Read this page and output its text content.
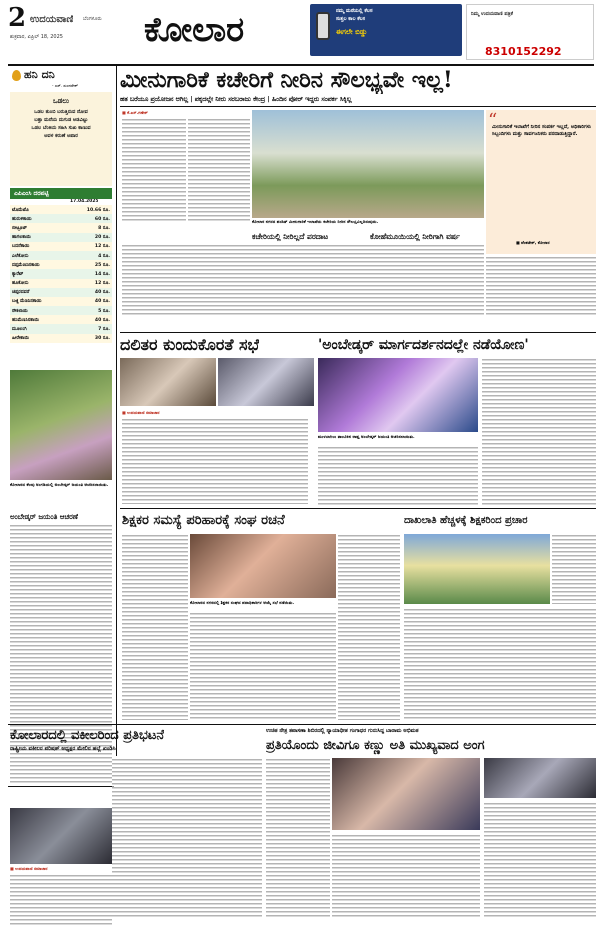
2 ಉದಯವಾಣಿ ಬೆಂಗಳೂರು
ಶುಕ್ರವಾರ, ಏಪ್ರಿಲ್ 18, 2025 ಕೋಲಾರ	ನಮ್ಮ ಮನೆಯಲ್ಲಿ ಕೆಲಸ
ಸುತ್ತಲ ಕಾಲ ಕೆಲಸ
ಈಗಲೇ ಬಿಡ್ಡು
ನಿಮ್ಮ ಉದಯವಾಣಿ ಪತ್ರಿಕೆ
8310152292
ಹನಿ ದನಿ
- ಎಸ್. ಸುಂದರೇಶ್
ಒಡಲು
ಒಡಲ ತುಂಬಿ ಬರುತ್ತಿರುವ ನೋವ ಬತ್ತಾ ಮನೆಯ ದುಗುಡ ಅಡವಿಟ್ಟು ಒಡಲ ಬೆಂಕಿಯ ಸಹಿಸಿ ಸುಖ ಕಾಣುವ ಅವಳ ಕರುಣೆ ಅಪಾರ
ಎಪಿಎಂಸಿ ದರಪಟ್ಟಿ
17.04.2025
ಟೊಮೆಟೊ	10.66 ರೂ.
ಹುರುಳಿಕಾಯಿ	60 ರೂ.
ಬೀಟ್ರೂಟ್	8 ರೂ.
ಹಾಗಲಕಾಯಿ	20 ರೂ.
ಬದನೆಕಾಯಿ	12 ರೂ.
ಎಲೆಕೋಸು	4 ರೂ.
ದಪ್ಪಮೆಣಸಿನಕಾಯಿ	25 ರೂ.
ಕ್ಯಾರೆಟ್	14 ರೂ.
ಹೂಕೋಸು	12 ರೂ.
ಚಪ್ಪರದವರೆ	40 ರೂ.
ಬಜ್ಜಿ ಮೆಣಸಿನಕಾಯಿ	40 ರೂ.
ನೌಕಲಾಯಿ	5 ರೂ.
ಹಸಿಮೆಣಸಿನಕಾಯಿ	40 ರೂ.
ಮೂಲಂಗಿ	7 ರೂ.
ಹೀರೇಕಾಯಿ	30 ರೂ.
ಕೋಲಾರದ ಕೆಲವು ಅಂಗಡಿಯಲ್ಲಿ ಅಂಬೇಡ್ಕರ್ ಜಯಂತಿ ಆಚರಿಸಲಾಯಿತು.
ಅಂಬೇಡ್ಕರ್ ಜಯಂತಿ ಆಚರಣೆ
■ ಉದಯವಾಣಿ ಸಮಾಚಾರ
ಮೀನುಗಾರಿಕೆ ಕಚೇರಿಗೆ ನೀರಿನ ಸೌಲಭ್ಯವೇ ಇಲ್ಲ!
ಹತ ಬರೆಯೂ ಪ್ರಯೋಜನ ಆಗಿಲ್ಲ | ಪಕ್ಕದಲ್ಲೇ ನೀರು ಸರಬರಾಜು ಕೇಂದ್ರ | ಹಿಂದಿನ ಪೋರ್ ಇದ್ದರು ಸಂಪರ್ಕ ಸಿಕ್ಕಿಲ್ಲ
■ ಕೆ.ಎಸ್.ಗಣೇಶ್
ಕೋಲಾರ ನಗರದ ಪಂಡಿತ್ ಮೀನುಗಾರಿಕೆ ಇಲಾಖೆಯ ಕಚೇರಿಯ ನೀರಿನ ಸೌಲಭ್ಯವಿಲ್ಲದಿರುವುದು.
ಕಚೇರಿಯಲ್ಲಿ ನೀರಿಲ್ಲದೆ ಪರದಾಟ	ಕೋಹೆಮೂಯಿಯಲ್ಲಿ ನೀರಿಗಾಗಿ ವರ್ಷ
“
ಮೀನುಗಾರಿಕೆ ಇಲಾಖೆಗೆ ನೀರಿನ ಸಂಪರ್ಕ ಇಲ್ಲದೆ, ಅಧಿಕಾರಿಗಳು ಸಿಬ್ಬಂದಿಗಳು ಮತ್ತು ಸಾರ್ವಜನಿಕರು ಪರದಾಡುತ್ತಿದ್ದಾರೆ.
■ ವೆಂಕಟೇಶ್, ಕೋಲಾರ
ದಲಿತರ ಕುಂದುಕೊರತೆ ಸಭೆ
■ ಉದಯವಾಣಿ ಸಮಾಚಾರ
'ಅಂಬೇಡ್ಕರ್ ಮಾರ್ಗದರ್ಶನದಲ್ಲೇ ನಡೆಯೋಣ'
ಮುಳಬಾಗಿಲು ತಾಲೂಕಿನ ರಾಷ್ಟ್ರ ಅಂಬೇಡ್ಕರ್ ಜಯಂತಿ ಆಚರಿಸಲಾಯಿತು.
ಶಿಕ್ಷಕರ ಸಮಸ್ಯೆ ಪರಿಹಾರಕ್ಕೆ ಸಂಘ ರಚನೆ
ಕೋಲಾರದ ನಗರದಲ್ಲಿ ಶಿಕ್ಷಕರ ಸಂಘದ ಪದಾಧಿಕಾರಿಗಳ ಆಯ್ಕೆ ಸಭೆ ನಡೆಯಿತು.
ದಾಖಲಾತಿ ಹೆಚ್ಚಳಕ್ಕೆ ಶಿಕ್ಷಕರಿಂದ ಪ್ರಚಾರ
ಕೋಲಾರದಲ್ಲಿ ವಕೀಲರಿಂದ ಪ್ರತಿಭಟನೆ
ರಾಷ್ಟ್ರೀಯ ವಕೀಲರ ಪರಿಷತ್ ಅಧ್ಯಕ್ಷರ ಮೇಲಿನ ಹಲ್ಲೆ ಖಂಡಿಸಿ
ಉಚಿತ ನೇತ್ರ ತಪಾಸಣಾ ಶಿಬಿರದಲ್ಲಿ ನ್ಯಾಯಾಧೀಶ ಗಂಗಾಧರ ಗುರುಸಿದ್ದ ಬಾರಾಮ ಅಭಿಮತ
ಪ್ರತಿಯೊಂದು ಜೀವಿಗೂ ಕಣ್ಣು ಅತಿ ಮುಖ್ಯವಾದ ಅಂಗ
